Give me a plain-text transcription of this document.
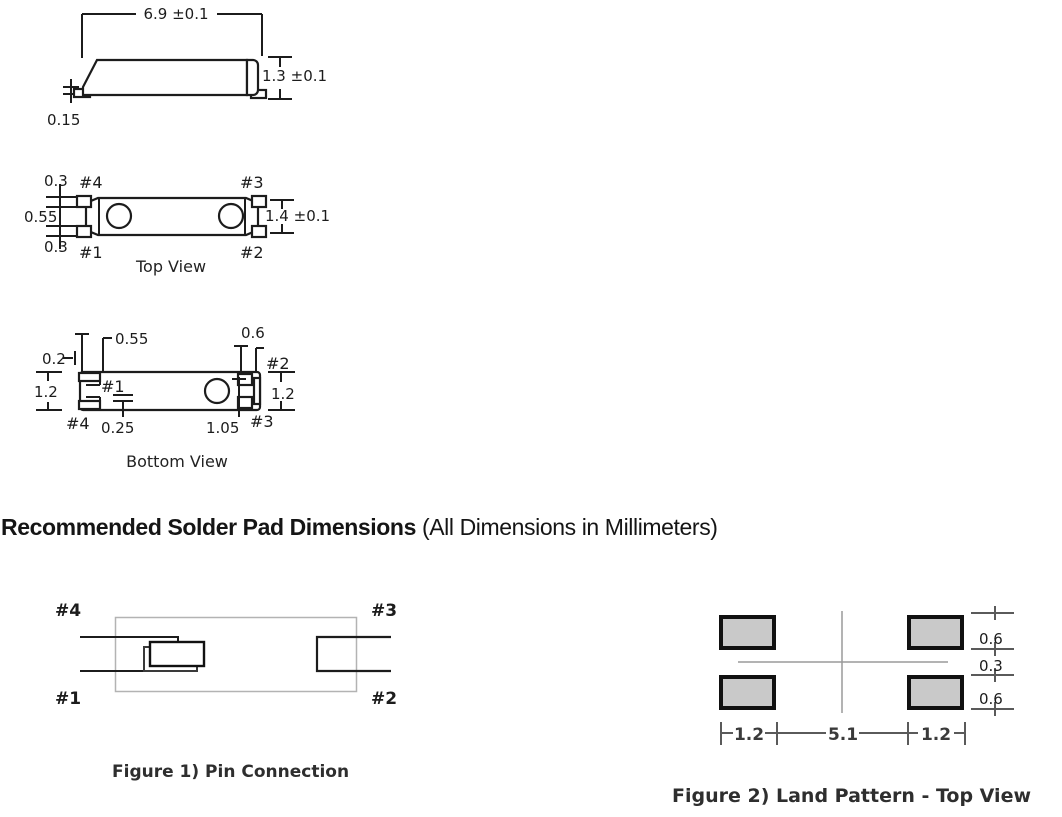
6.9 ±0.1
1.3 ±0.1
0.15
0.3
0.55
0.3
1.4 ±0.1
#4	#3
#1	#2
Top View
0.55	0.6
0.2
1.2	1.2
0.25	1.05
#1
#2
#3
#4
Bottom View
#4	#3
#1	#2
Figure 1) Pin Connection
0.6
0.3
0.6
1.2	5.1	1.2
Figure 2) Land Pattern - Top View
Recommended Solder Pad Dimensions (All Dimensions in Millimeters)
